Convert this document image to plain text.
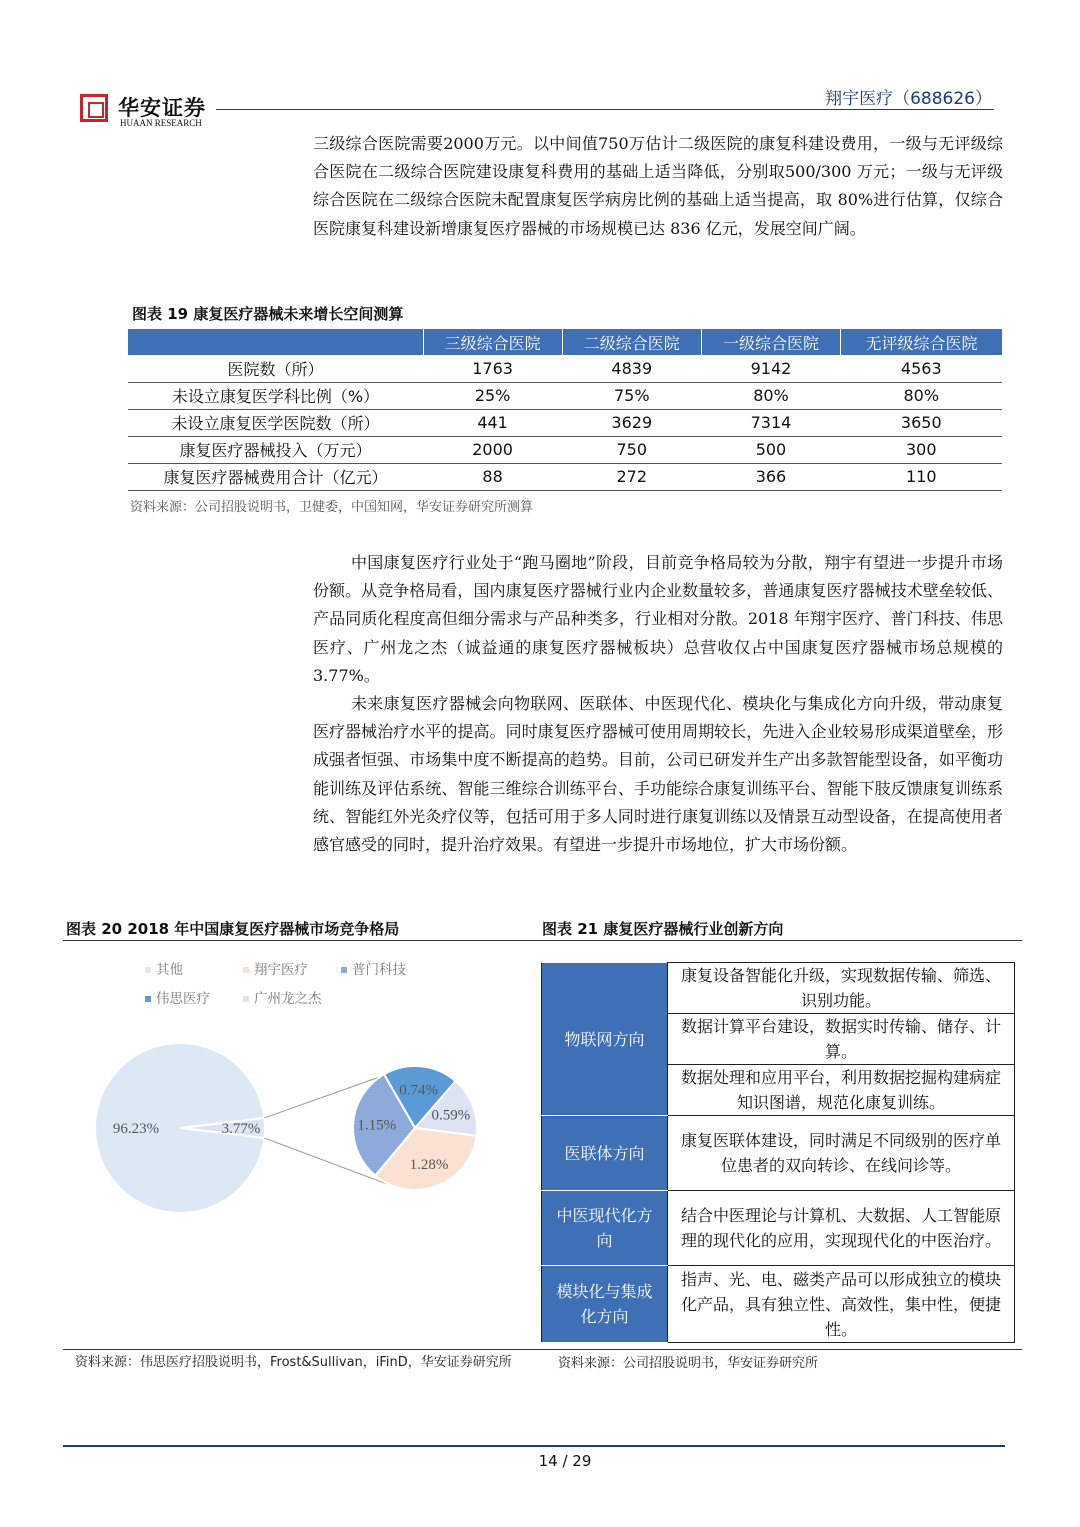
华安证券
HUAAN RESEARCH
翔宇医疗（688626）
三级综合医院需要2000万元。以中间值750万估计二级医院的康复科建设费用，一级与无评级综合医院在二级综合医院建设康复科费用的基础上适当降低，分别取500/300 万元；一级与无评级综合医院在二级综合医院未配置康复医学病房比例的基础上适当提高，取 80%进行估算，仅综合医院康复科建设新增康复医疗器械的市场规模已达 836 亿元，发展空间广阔。
图表 19 康复医疗器械未来增长空间测算
	三级综合医院	二级综合医院	一级综合医院	无评级综合医院
医院数（所）	1763	4839	9142	4563
未设立康复医学科比例（%）	25%	75%	80%	80%
未设立康复医学医院数（所）	441	3629	7314	3650
康复医疗器械投入（万元）	2000	750	500	300
康复医疗器械费用合计（亿元）	88	272	366	110
资料来源：公司招股说明书，卫健委，中国知网，华安证券研究所测算
中国康复医疗行业处于“跑马圈地”阶段，目前竞争格局较为分散，翔宇有望进一步提升市场份额。从竞争格局看，国内康复医疗器械行业内企业数量较多，普通康复医疗器械技术壁垒较低、产品同质化程度高但细分需求与产品种类多，行业相对分散。2018 年翔宇医疗、普门科技、伟思医疗、广州龙之杰（诚益通的康复医疗器械板块）总营收仅占中国康复医疗器械市场总规模的 3.77%。
未来康复医疗器械会向物联网、医联体、中医现代化、模块化与集成化方向升级，带动康复医疗器械治疗水平的提高。同时康复医疗器械可使用周期较长，先进入企业较易形成渠道壁垒，形成强者恒强、市场集中度不断提高的趋势。目前，公司已研发并生产出多款智能型设备，如平衡功能训练及评估系统、智能三维综合训练平台、手功能综合康复训练平台、智能下肢反馈康复训练系统、智能红外光灸疗仪等，包括可用于多人同时进行康复训练以及情景互动型设备，在提高使用者感官感受的同时，提升治疗效果。有望进一步提升市场地位，扩大市场份额。
图表 20 2018 年中国康复医疗器械市场竞争格局	图表 21 康复医疗器械行业创新方向
其他	翔宇医疗	普门科技
伟思医疗	广州龙之杰
96.23%	3.77%
0.74%
0.59%
1.28%
1.15%
物联网方向	康复设备智能化升级，实现数据传输、筛选、识别功能。
	数据计算平台建设，数据实时传输、储存、计算。
	数据处理和应用平台，利用数据挖掘构建病症知识图谱，规范化康复训练。
医联体方向	康复医联体建设，同时满足不同级别的医疗单位患者的双向转诊、在线问诊等。
中医现代化方向	结合中医理论与计算机、大数据、人工智能原理的现代化的应用，实现现代化的中医治疗。
模块化与集成化方向	指声、光、电、磁类产品可以形成独立的模块化产品，具有独立性、高效性，集中性，便捷性。
资料来源：伟思医疗招股说明书，Frost&Sullivan，iFinD，华安证券研究所	资料来源：公司招股说明书，华安证券研究所
14 / 29
